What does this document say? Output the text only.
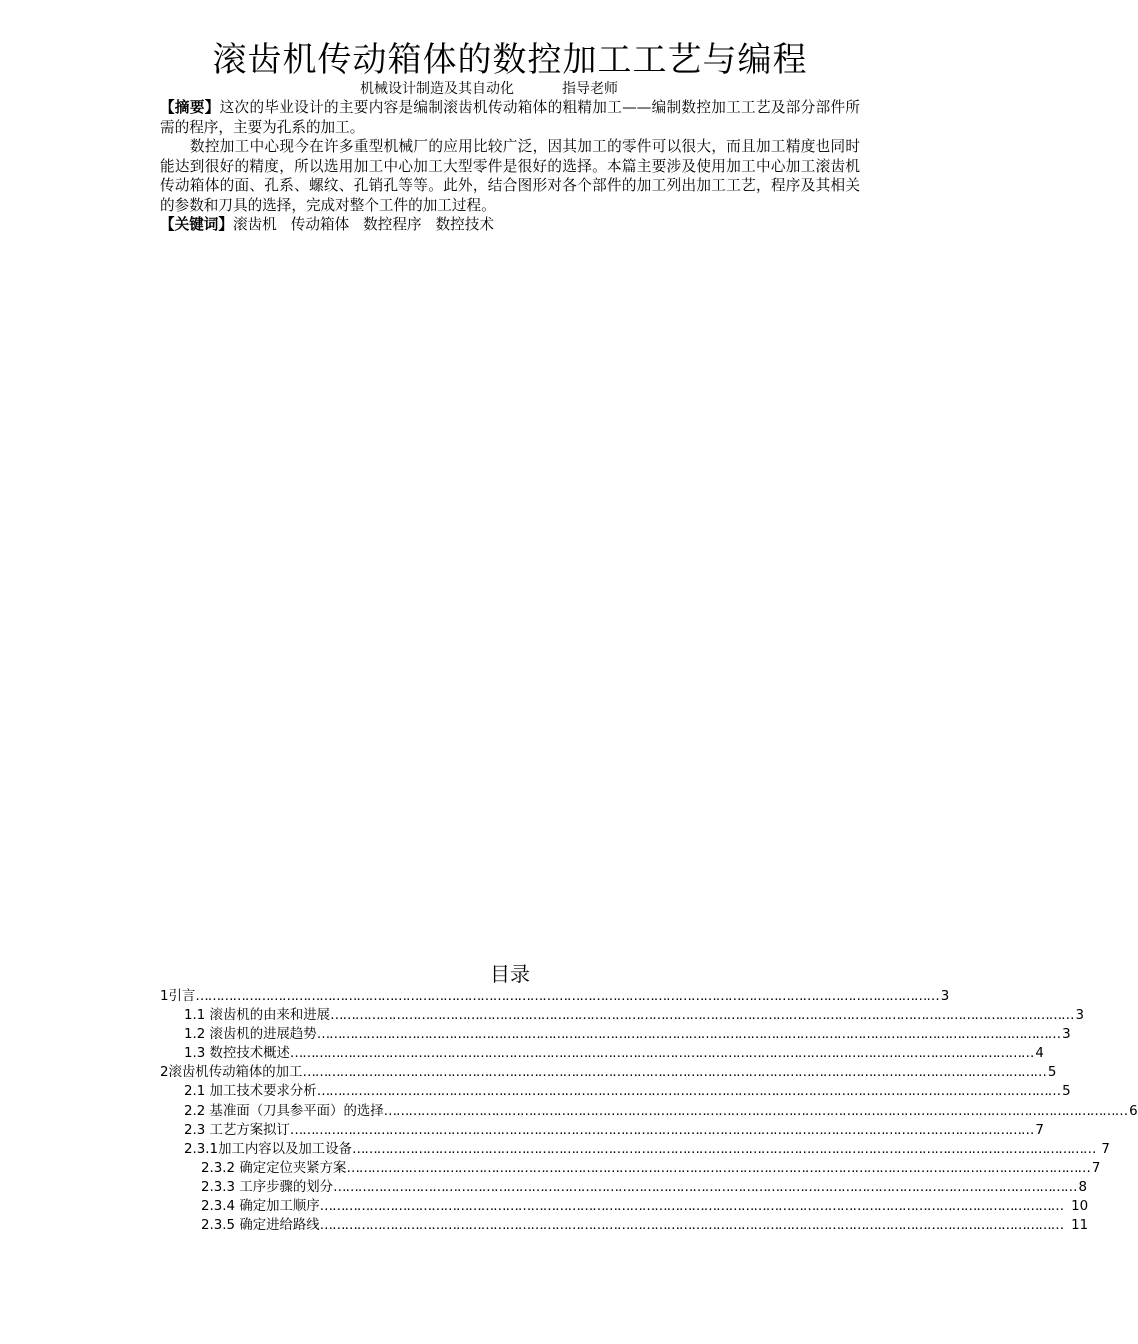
滚齿机传动箱体的数控加工工艺与编程
机械设计制造及其自动化	指导老师
【摘要】这次的毕业设计的主要内容是编制滚齿机传动箱体的粗精加工——编制数控加工工艺及部分部件所需的程序，主要为孔系的加工。
数控加工中心现今在许多重型机械厂的应用比较广泛，因其加工的零件可以很大，而且加工精度也同时能达到很好的精度，所以选用加工中心加工大型零件是很好的选择。本篇主要涉及使用加工中心加工滚齿机传动箱体的面、孔系、螺纹、孔销孔等等。此外，结合图形对各个部件的加工列出加工工艺，程序及其相关的参数和刀具的选择，完成对整个工件的加工过程。
【关键词】滚齿机 传动箱体 数控程序 数控技术
目录
1 引言 ……………………………………………………………………………………………………………………………………………………………… 3
1.1 滚齿机的由来和进展 ……………………………………………………………………………………………………………………………………………………………… 3
1.2 滚齿机的进展趋势 ……………………………………………………………………………………………………………………………………………………………… 3
1.3 数控技术概述 ……………………………………………………………………………………………………………………………………………………………… 4
2 滚齿机传动箱体的加工 ……………………………………………………………………………………………………………………………………………………………… 5
2.1 加工技术要求分析 ……………………………………………………………………………………………………………………………………………………………… 5
2.2 基准面（刀具参平面）的选择 ……………………………………………………………………………………………………………………………………………………………… 6
2.3 工艺方案拟订 ……………………………………………………………………………………………………………………………………………………………… 7
2.3.1加工内容以及加工设备 ……………………………………………………………………………………………………………………………………………………………… 7
2.3.2 确定定位夹紧方案 ……………………………………………………………………………………………………………………………………………………………… 7
2.3.3 工序步骤的划分 ……………………………………………………………………………………………………………………………………………………………… 8
2.3.4 确定加工顺序 ……………………………………………………………………………………………………………………………………………………………… 10
2.3.5 确定进给路线 ……………………………………………………………………………………………………………………………………………………………… 11
